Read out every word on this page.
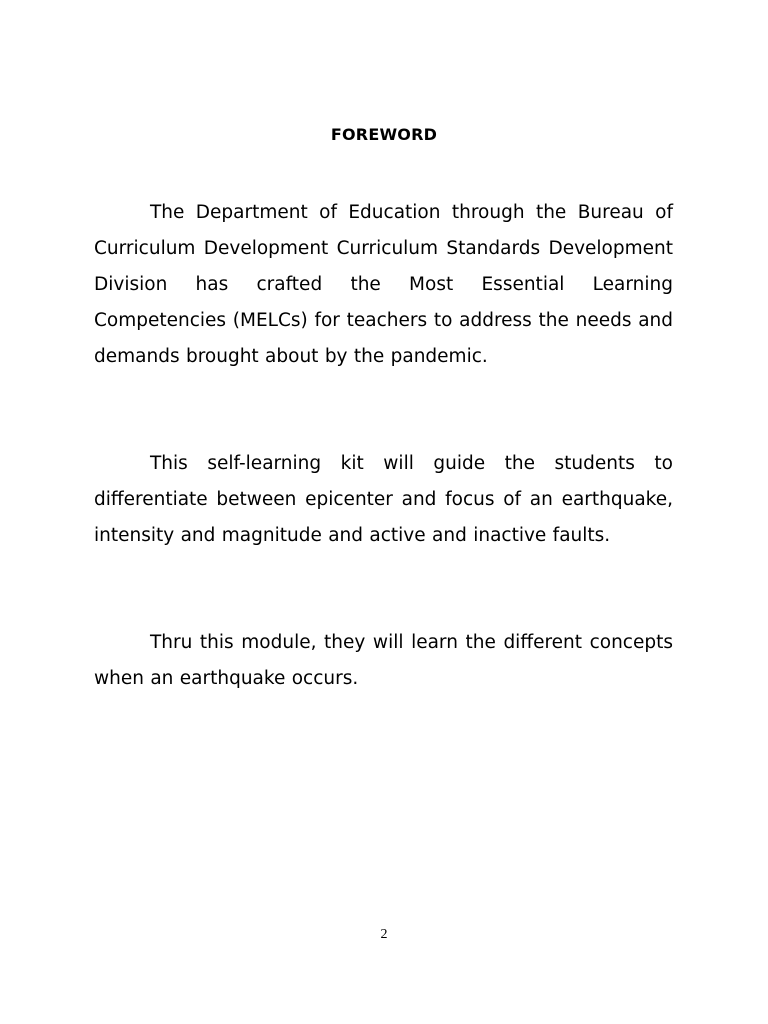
FOREWORD

The Department of Education through the Bureau of Curriculum Development Curriculum Standards Development Division has crafted the Most Essential Learning Competencies (MELCs) for teachers to address the needs and demands brought about by the pandemic.

This self-learning kit will guide the students to differentiate between epicenter and focus of an earthquake, intensity and magnitude and active and inactive faults.

Thru this module, they will learn the different concepts when an earthquake occurs.

2
